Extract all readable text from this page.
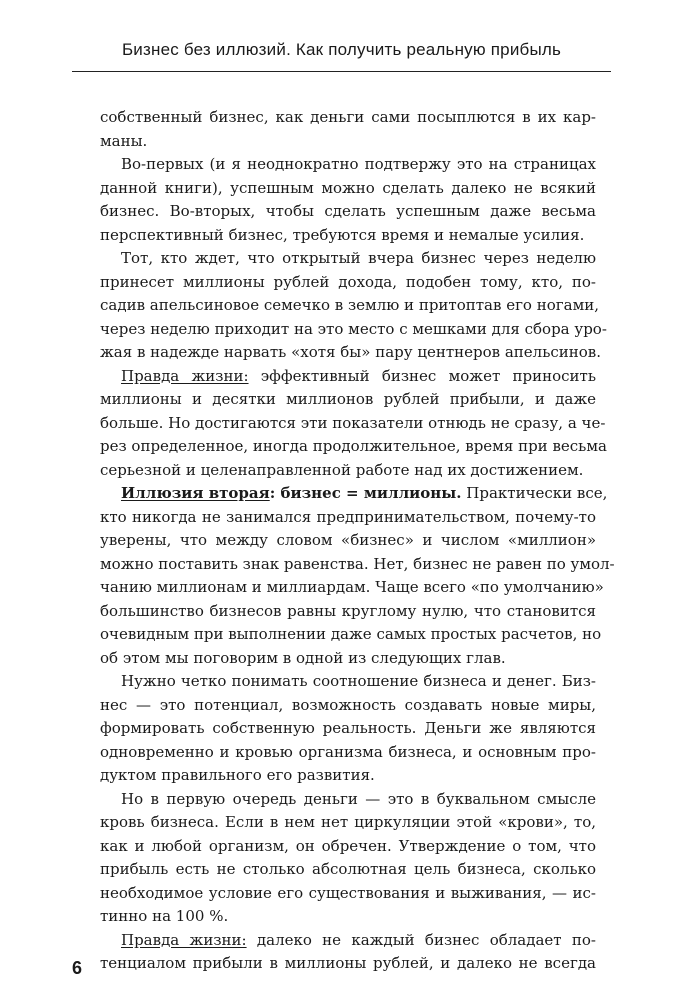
Бизнес без иллюзий. Как получить реальную прибыль
собственный бизнес, как деньги сами посыплются в их кар-
маны.
Во-первых (и я неоднократно подтвержу это на страницах
данной книги), успешным можно сделать далеко не всякий
бизнес. Во-вторых, чтобы сделать успешным даже весьма
перспективный бизнес, требуются время и немалые усилия.
Тот, кто ждет, что открытый вчера бизнес через неделю
принесет миллионы рублей дохода, подобен тому, кто, по-
садив апельсиновое семечко в землю и притоптав его ногами,
через неделю приходит на это место с мешками для сбора уро-
жая в надежде нарвать «хотя бы» пару центнеров апельсинов.
Правда жизни: эффективный бизнес может приносить
миллионы и десятки миллионов рублей прибыли, и даже
больше. Но достигаются эти показатели отнюдь не сразу, а че-
рез определенное, иногда продолжительное, время при весьма
серьезной и целенаправленной работе над их достижением.
Иллюзия вторая: бизнес = миллионы. Практически все,
кто никогда не занимался предпринимательством, почему-то
уверены, что между словом «бизнес» и числом «миллион»
можно поставить знак равенства. Нет, бизнес не равен по умол-
чанию миллионам и миллиардам. Чаще всего «по умолчанию»
большинство бизнесов равны круглому нулю, что становится
очевидным при выполнении даже самых простых расчетов, но
об этом мы поговорим в одной из следующих глав.
Нужно четко понимать соотношение бизнеса и денег. Биз-
нес — это потенциал, возможность создавать новые миры,
формировать собственную реальность. Деньги же являются
одновременно и кровью организма бизнеса, и основным про-
дуктом правильного его развития.
Но в первую очередь деньги — это в буквальном смысле
кровь бизнеса. Если в нем нет циркуляции этой «крови», то,
как и любой организм, он обречен. Утверждение о том, что
прибыль есть не столько абсолютная цель бизнеса, сколько
необходимое условие его существования и выживания, — ис-
тинно на 100 %.
Правда жизни: далеко не каждый бизнес обладает по-
тенциалом прибыли в миллионы рублей, и далеко не всегда
6
